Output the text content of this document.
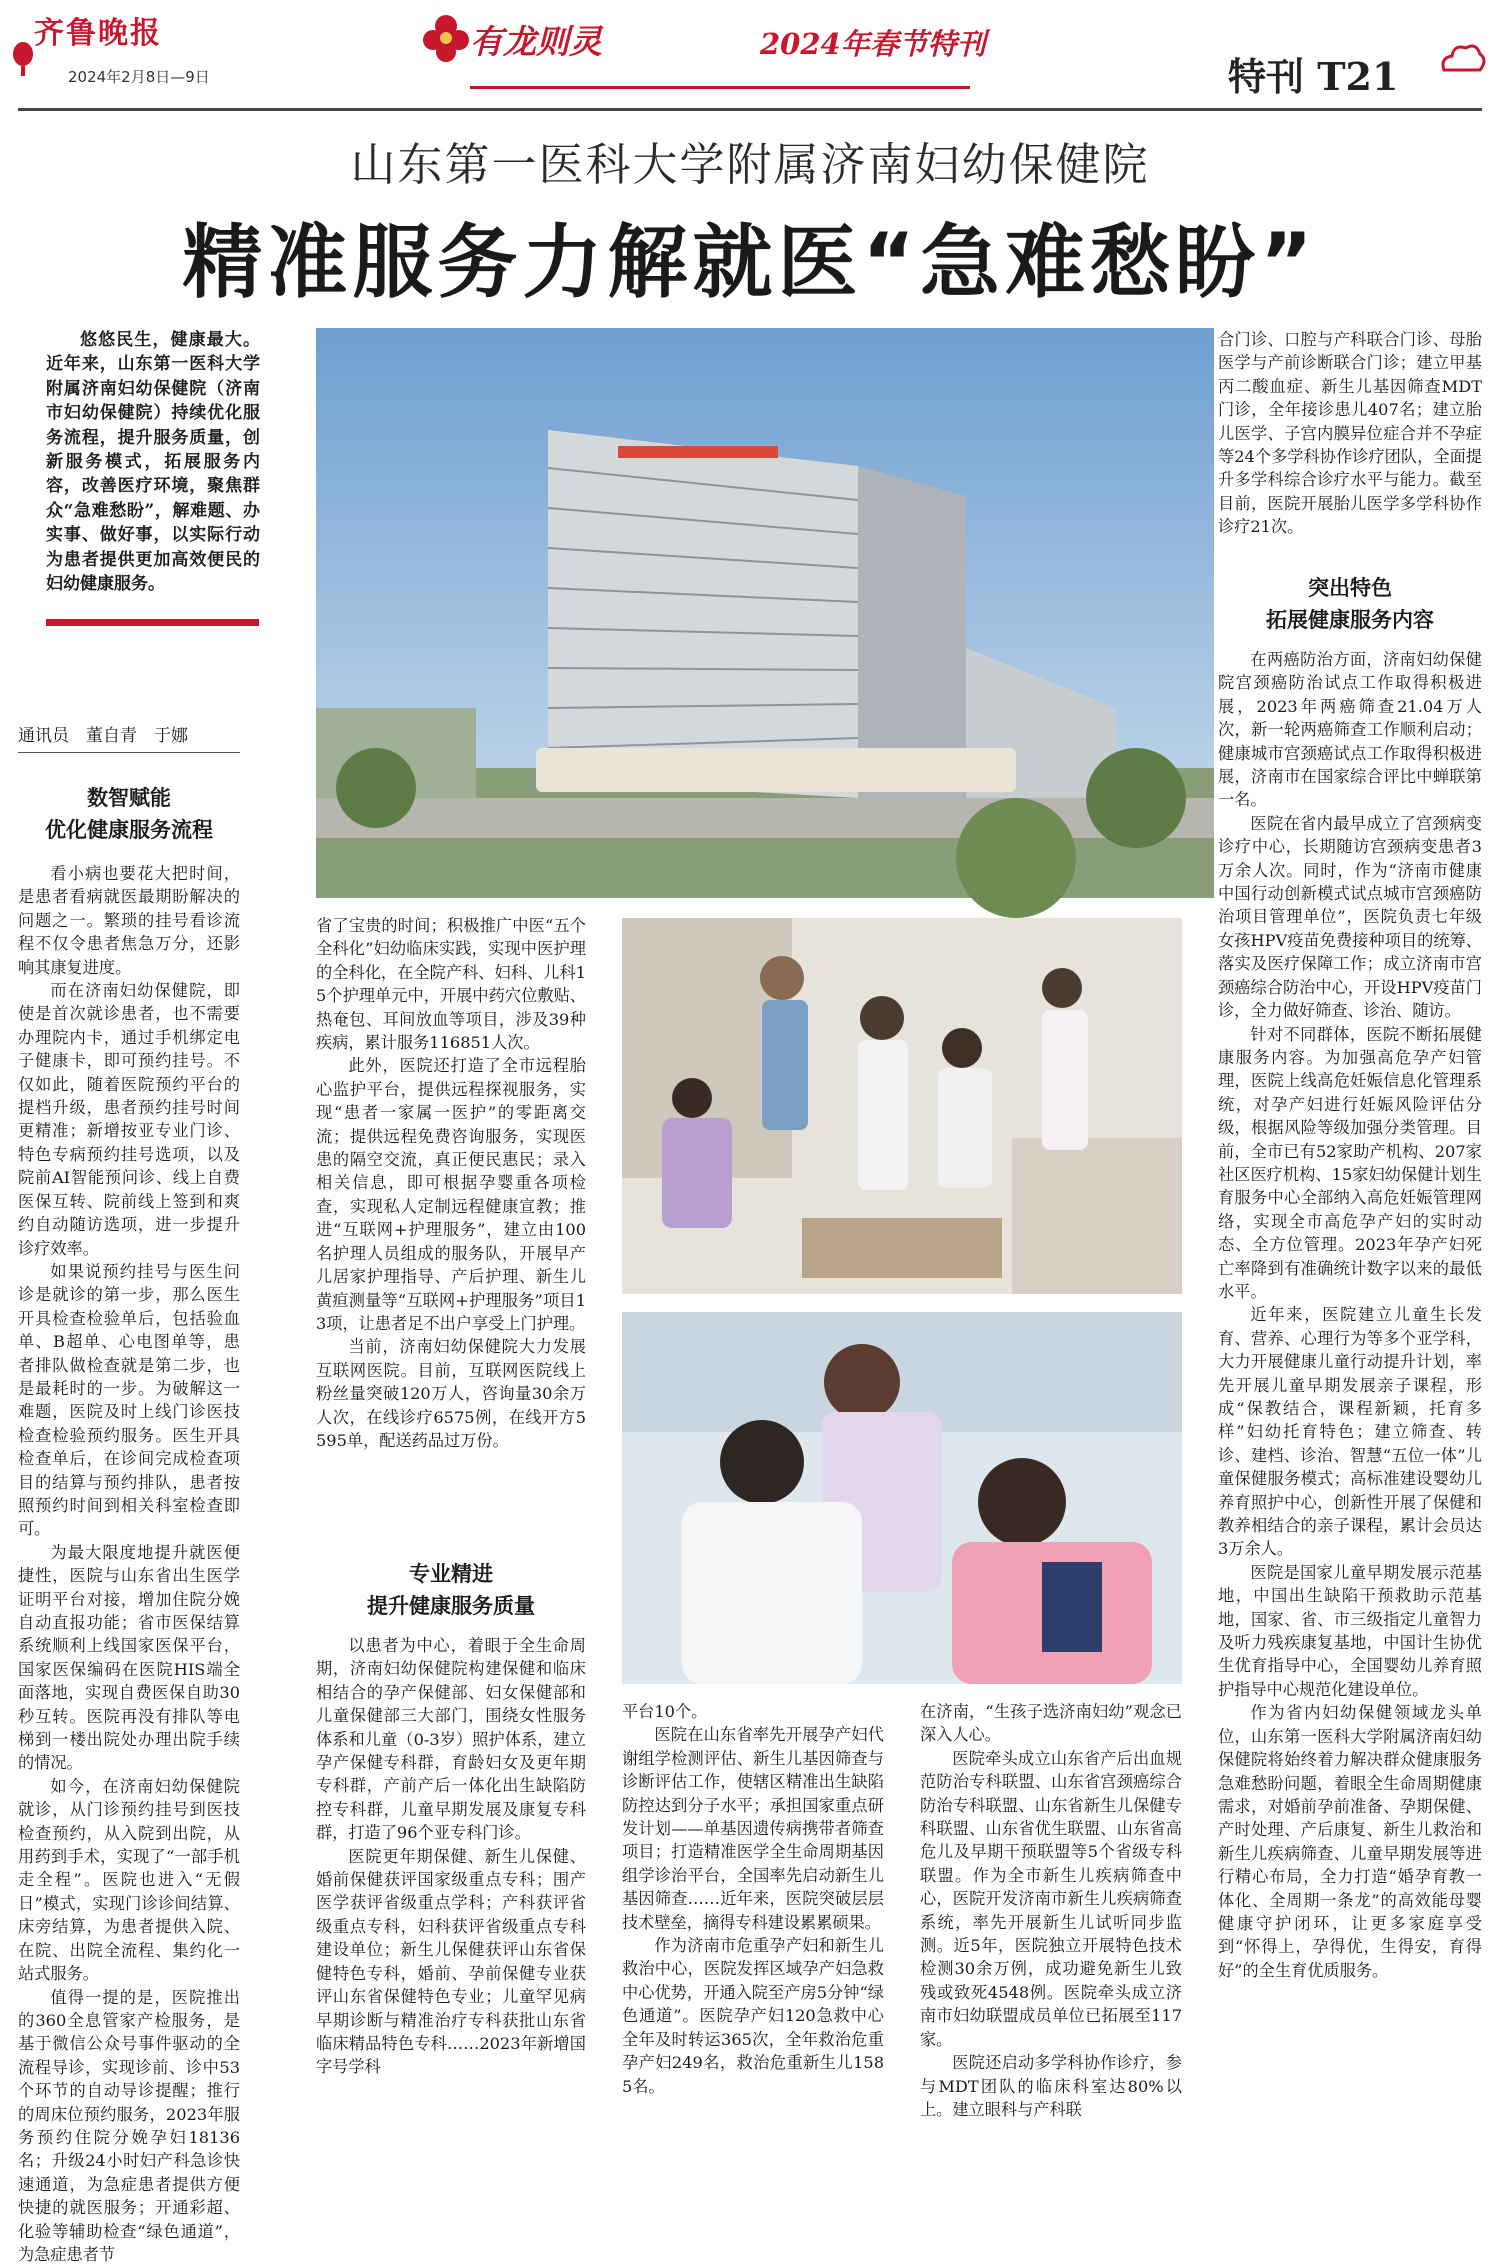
齐鲁晚报
2024年2月8日—9日
有龙则灵	2024年春节特刊
特刊 T21
山东第一医科大学附属济南妇幼保健院
精准服务力解就医“急难愁盼”

悠悠民生，健康最大。近年来，山东第一医科大学附属济南妇幼保健院（济南市妇幼保健院）持续优化服务流程，提升服务质量，创新服务模式，拓展服务内容，改善医疗环境，聚焦群众“急难愁盼”，解难题、办实事、做好事，以实际行动为患者提供更加高效便民的妇幼健康服务。

通讯员　董自青　于娜
数智赋能
优化健康服务流程

看小病也要花大把时间，是患者看病就医最期盼解决的问题之一。繁琐的挂号看诊流程不仅令患者焦急万分，还影响其康复进度。

而在济南妇幼保健院，即使是首次就诊患者，也不需要办理院内卡，通过手机绑定电子健康卡，即可预约挂号。不仅如此，随着医院预约平台的提档升级，患者预约挂号时间更精准；新增按亚专业门诊、特色专病预约挂号选项，以及院前AI智能预问诊、线上自费医保互转、院前线上签到和爽约自动随访选项，进一步提升诊疗效率。

如果说预约挂号与医生问诊是就诊的第一步，那么医生开具检查检验单后，包括验血单、B超单、心电图单等，患者排队做检查就是第二步，也是最耗时的一步。为破解这一难题，医院及时上线门诊医技检查检验预约服务。医生开具检查单后，在诊间完成检查项目的结算与预约排队，患者按照预约时间到相关科室检查即可。

为最大限度地提升就医便捷性，医院与山东省出生医学证明平台对接，增加住院分娩自动直报功能；省市医保结算系统顺利上线国家医保平台，国家医保编码在医院HIS端全面落地，实现自费医保自助30秒互转。医院再没有排队等电梯到一楼出院处办理出院手续的情况。

如今，在济南妇幼保健院就诊，从门诊预约挂号到医技检查预约，从入院到出院，从用药到手术，实现了“一部手机走全程”。医院也进入“无假日”模式，实现门诊诊间结算、床旁结算，为患者提供入院、在院、出院全流程、集约化一站式服务。

值得一提的是，医院推出的360全息管家产检服务，是基于微信公众号事件驱动的全流程导诊，实现诊前、诊中53个环节的自动导诊提醒；推行的周床位预约服务，2023年服务预约住院分娩孕妇18136名；升级24小时妇产科急诊快速通道，为急症患者提供方便快捷的就医服务；开通彩超、化验等辅助检查“绿色通道”，为急症患者节

省了宝贵的时间；积极推广中医“五个全科化”妇幼临床实践，实现中医护理的全科化，在全院产科、妇科、儿科15个护理单元中，开展中药穴位敷贴、热奄包、耳间放血等项目，涉及39种疾病，累计服务116851人次。

此外，医院还打造了全市远程胎心监护平台，提供远程探视服务，实现“患者一家属一医护”的零距离交流；提供远程免费咨询服务，实现医患的隔空交流，真正便民惠民；录入相关信息，即可根据孕婴重各项检查，实现私人定制远程健康宣教；推进“互联网+护理服务”，建立由100名护理人员组成的服务队，开展早产儿居家护理指导、产后护理、新生儿黄疸测量等“互联网+护理服务”项目13项，让患者足不出户享受上门护理。

当前，济南妇幼保健院大力发展互联网医院。目前，互联网医院线上粉丝量突破120万人，咨询量30余万人次，在线诊疗6575例，在线开方5595单，配送药品过万份。

专业精进
提升健康服务质量

以患者为中心，着眼于全生命周期，济南妇幼保健院构建保健和临床相结合的孕产保健部、妇女保健部和儿童保健部三大部门，围绕女性服务体系和儿童（0-3岁）照护体系，建立孕产保健专科群，育龄妇女及更年期专科群，产前产后一体化出生缺陷防控专科群，儿童早期发展及康复专科群，打造了96个亚专科门诊。

医院更年期保健、新生儿保健、婚前保健获评国家级重点专科；围产医学获评省级重点学科；产科获评省级重点专科，妇科获评省级重点专科建设单位；新生儿保健获评山东省保健特色专科，婚前、孕前保健专业获评山东省保健特色专业；儿童罕见病早期诊断与精准治疗专科获批山东省临床精品特色专科……2023年新增国字号学科

平台10个。

医院在山东省率先开展孕产妇代谢组学检测评估、新生儿基因筛查与诊断评估工作，使辖区精准出生缺陷防控达到分子水平；承担国家重点研发计划——单基因遗传病携带者筛查项目；打造精准医学全生命周期基因组学诊治平台，全国率先启动新生儿基因筛查……近年来，医院突破层层技术壁垒，摘得专科建设累累硕果。

作为济南市危重孕产妇和新生儿救治中心，医院发挥区域孕产妇急救中心优势，开通入院至产房5分钟“绿色通道”。医院孕产妇120急救中心全年及时转运365次，全年救治危重孕产妇249名，救治危重新生儿1585名。

在济南，“生孩子选济南妇幼”观念已深入人心。

医院牵头成立山东省产后出血规范防治专科联盟、山东省宫颈癌综合防治专科联盟、山东省新生儿保健专科联盟、山东省优生联盟、山东省高危儿及早期干预联盟等5个省级专科联盟。作为全市新生儿疾病筛查中心，医院开发济南市新生儿疾病筛查系统，率先开展新生儿试听同步监测。近5年，医院独立开展特色技术检测30余万例，成功避免新生儿致残或致死4548例。医院牵头成立济南市妇幼联盟成员单位已拓展至117家。

医院还启动多学科协作诊疗，参与MDT团队的临床科室达80%以上。建立眼科与产科联

合门诊、口腔与产科联合门诊、母胎医学与产前诊断联合门诊；建立甲基丙二酸血症、新生儿基因筛查MDT门诊，全年接诊患儿407名；建立胎儿医学、子宫内膜异位症合并不孕症等24个多学科协作诊疗团队，全面提升多学科综合诊疗水平与能力。截至目前，医院开展胎儿医学多学科协作诊疗21次。

突出特色
拓展健康服务内容

在两癌防治方面，济南妇幼保健院宫颈癌防治试点工作取得积极进展，2023年两癌筛查21.04万人次，新一轮两癌筛查工作顺利启动；健康城市宫颈癌试点工作取得积极进展，济南市在国家综合评比中蝉联第一名。

医院在省内最早成立了宫颈病变诊疗中心，长期随访宫颈病变患者3万余人次。同时，作为“济南市健康中国行动创新模式试点城市宫颈癌防治项目管理单位”，医院负责七年级女孩HPV疫苗免费接种项目的统筹、落实及医疗保障工作；成立济南市宫颈癌综合防治中心，开设HPV疫苗门诊，全力做好筛查、诊治、随访。

针对不同群体，医院不断拓展健康服务内容。为加强高危孕产妇管理，医院上线高危妊娠信息化管理系统，对孕产妇进行妊娠风险评估分级，根据风险等级加强分类管理。目前，全市已有52家助产机构、207家社区医疗机构、15家妇幼保健计划生育服务中心全部纳入高危妊娠管理网络，实现全市高危孕产妇的实时动态、全方位管理。2023年孕产妇死亡率降到有准确统计数字以来的最低水平。

近年来，医院建立儿童生长发育、营养、心理行为等多个亚学科，大力开展健康儿童行动提升计划，率先开展儿童早期发展亲子课程，形成“保教结合，课程新颖，托育多样”妇幼托育特色；建立筛查、转诊、建档、诊治、智慧“五位一体”儿童保健服务模式；高标准建设婴幼儿养育照护中心，创新性开展了保健和教养相结合的亲子课程，累计会员达3万余人。

医院是国家儿童早期发展示范基地，中国出生缺陷干预救助示范基地，国家、省、市三级指定儿童智力及听力残疾康复基地，中国计生协优生优育指导中心，全国婴幼儿养育照护指导中心规范化建设单位。

作为省内妇幼保健领域龙头单位，山东第一医科大学附属济南妇幼保健院将始终着力解决群众健康服务急难愁盼问题，着眼全生命周期健康需求，对婚前孕前准备、孕期保健、产时处理、产后康复、新生儿救治和新生儿疾病筛查、儿童早期发展等进行精心布局，全力打造“婚孕育教一体化、全周期一条龙”的高效能母婴健康守护闭环，让更多家庭享受到“怀得上，孕得优，生得安，育得好”的全生育优质服务。
